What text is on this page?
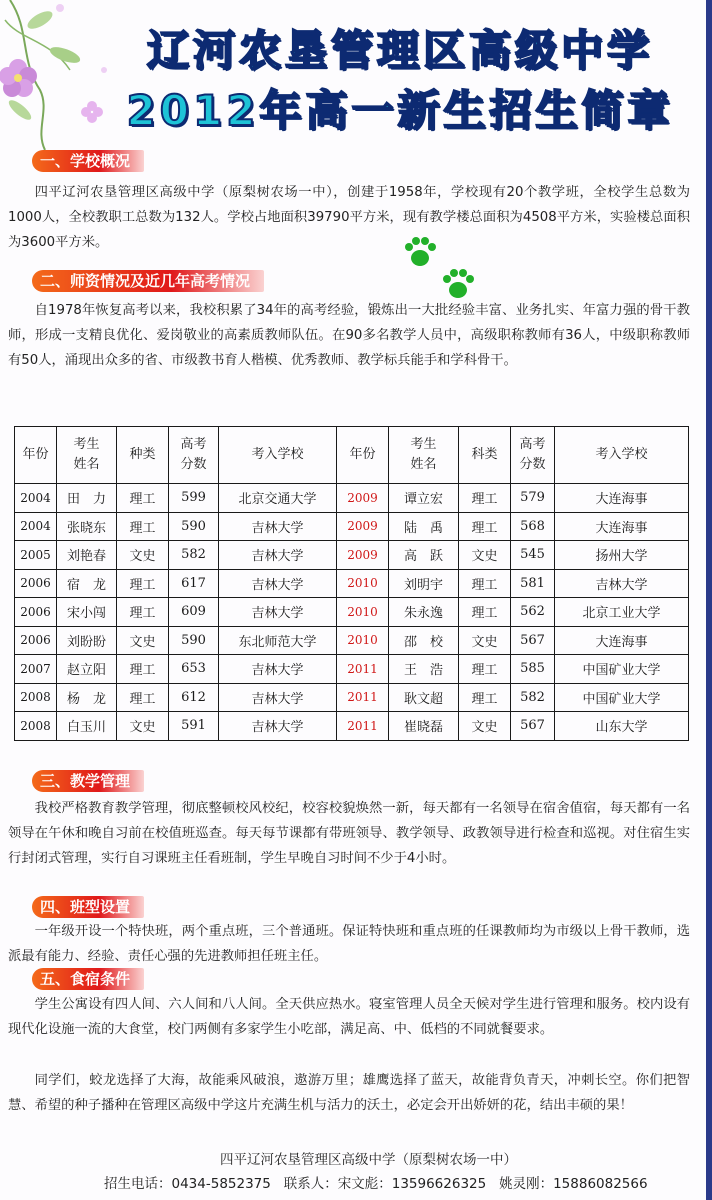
辽河农垦管理区高级中学
2012年高一新生招生简章
一、学校概况

四平辽河农垦管理区高级中学（原梨树农场一中），创建于1958年，学校现有20个教学班，全校学生总数为1000人，全校教职工总数为132人。学校占地面积39790平方米，现有教学楼总面积为4508平方米，实验楼总面积为3600平方米。

二、师资情况及近几年高考情况

自1978年恢复高考以来，我校积累了34年的高考经验，锻炼出一大批经验丰富、业务扎实、年富力强的骨干教师，形成一支精良优化、爱岗敬业的高素质教师队伍。在90多名教学人员中，高级职称教师有36人，中级职称教师有50人，涌现出众多的省、市级教书育人楷模、优秀教师、教学标兵能手和学科骨干。

年份	考生姓名	种类	高考分数	考入学校	年份	考生姓名	科类	高考分数	考入学校
2004	田　力	理工	599	北京交通大学	2009	谭立宏	理工	579	大连海事
2004	张晓东	理工	590	吉林大学	2009	陆　禹	理工	568	大连海事
2005	刘艳春	文史	582	吉林大学	2009	高　跃	文史	545	扬州大学
2006	宿　龙	理工	617	吉林大学	2010	刘明宇	理工	581	吉林大学
2006	宋小闯	理工	609	吉林大学	2010	朱永逸	理工	562	北京工业大学
2006	刘盼盼	文史	590	东北师范大学	2010	邵　校	文史	567	大连海事
2007	赵立阳	理工	653	吉林大学	2011	王　浩	理工	585	中国矿业大学
2008	杨　龙	理工	612	吉林大学	2011	耿文超	理工	582	中国矿业大学
2008	白玉川	文史	591	吉林大学	2011	崔晓磊	文史	567	山东大学
三、教学管理

我校严格教育教学管理，彻底整顿校风校纪，校容校貌焕然一新，每天都有一名领导在宿舍值宿，每天都有一名领导在午休和晚自习前在校值班巡查。每天每节课都有带班领导、教学领导、政教领导进行检查和巡视。对住宿生实行封闭式管理，实行自习课班主任看班制，学生早晚自习时间不少于4小时。

四、班型设置

一年级开设一个特快班，两个重点班，三个普通班。保证特快班和重点班的任课教师均为市级以上骨干教师，选派最有能力、经验、责任心强的先进教师担任班主任。

五、食宿条件

学生公寓设有四人间、六人间和八人间。全天供应热水。寝室管理人员全天候对学生进行管理和服务。校内设有现代化设施一流的大食堂，校门两侧有多家学生小吃部，满足高、中、低档的不同就餐要求。

同学们，蛟龙选择了大海，故能乘风破浪，遨游万里；雄鹰选择了蓝天，故能背负青天，冲刺长空。你们把智慧、希望的种子播种在管理区高级中学这片充满生机与活力的沃土，必定会开出娇妍的花，结出丰硕的果！

四平辽河农垦管理区高级中学（原梨树农场一中）
招生电话：0434-5852375 联系人：宋文彪：13596626325 姚灵刚：15886082566
